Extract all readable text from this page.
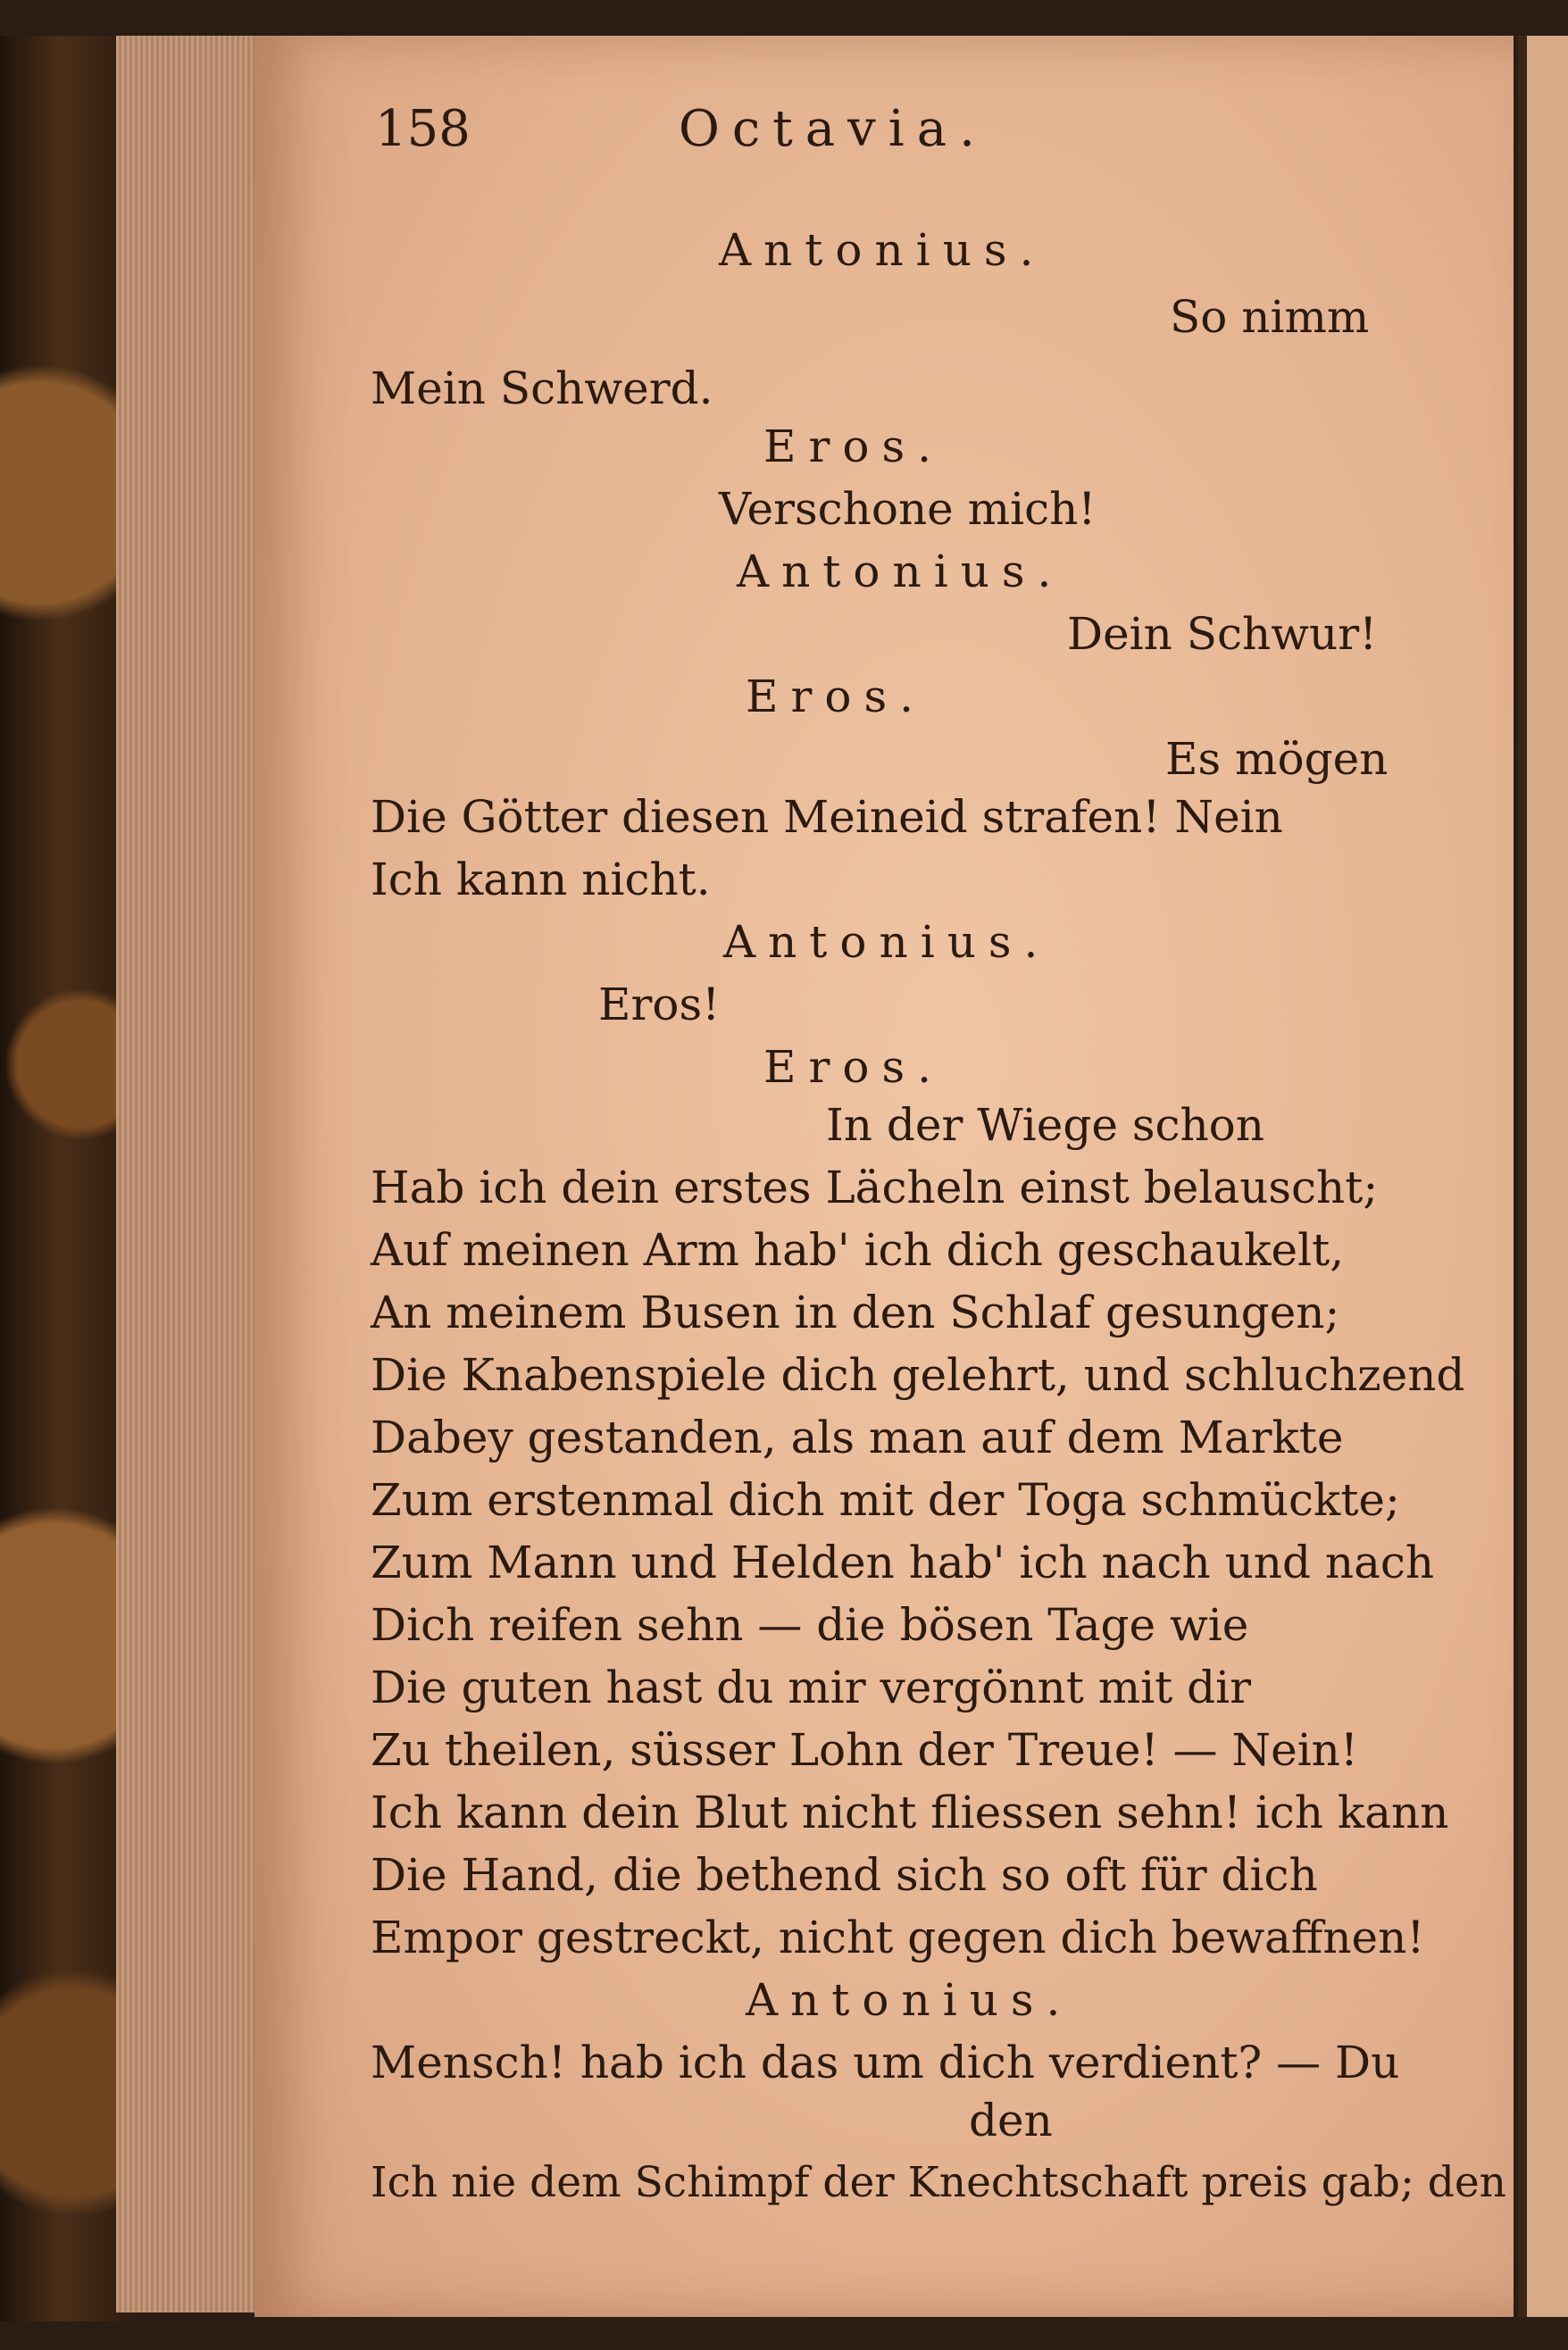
158	Octavia.
Antonius.
So nimm
Mein Schwerd.
Eros.
Verschone mich!
Antonius.
Dein Schwur!
Eros.
Es mögen
Die Götter diesen Meineid strafen! Nein
Ich kann nicht.
Antonius.
Eros!
Eros.
In der Wiege schon
Hab ich dein erstes Lächeln einst belauscht;
Auf meinen Arm hab' ich dich geschaukelt,
An meinem Busen in den Schlaf gesungen;
Die Knabenspiele dich gelehrt, und schluchzend
Dabey gestanden, als man auf dem Markte
Zum erstenmal dich mit der Toga schmückte;
Zum Mann und Helden hab' ich nach und nach
Dich reifen sehn — die bösen Tage wie
Die guten hast du mir vergönnt mit dir
Zu theilen, süsser Lohn der Treue! — Nein!
Ich kann dein Blut nicht fliessen sehn! ich kann
Die Hand, die bethend sich so oft für dich
Empor gestreckt, nicht gegen dich bewaffnen!
Antonius.
Mensch! hab ich das um dich verdient? — Du
den
Ich nie dem Schimpf der Knechtschaft preis gab; den
